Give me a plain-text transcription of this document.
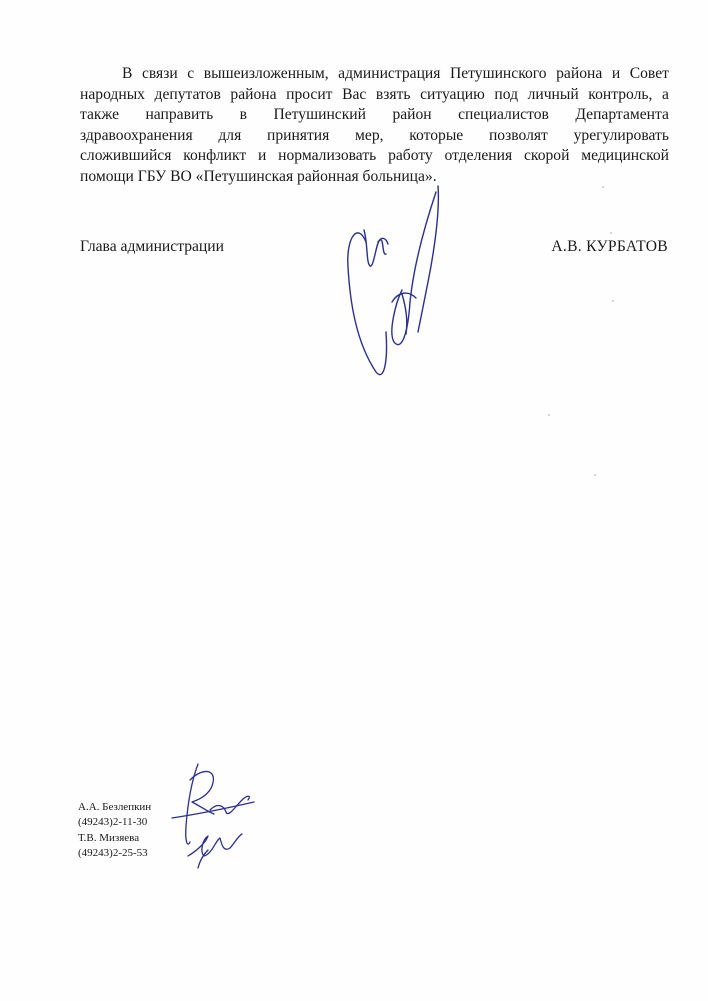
В связи с вышеизложенным, администрация Петушинского района и Совет
народных депутатов района просит Вас взять ситуацию под личный контроль, а
также направить в Петушинский район специалистов Департамента
здравоохранения для принятия мер, которые позволят урегулировать
сложившийся конфликт и нормализовать работу отделения скорой медицинской
помощи ГБУ ВО «Петушинская районная больница».
Глава администрации	А.В. КУРБАТОВ
А.А. Безлепкин
(49243)2-11-30
Т.В. Мизяева
(49243)2-25-53
